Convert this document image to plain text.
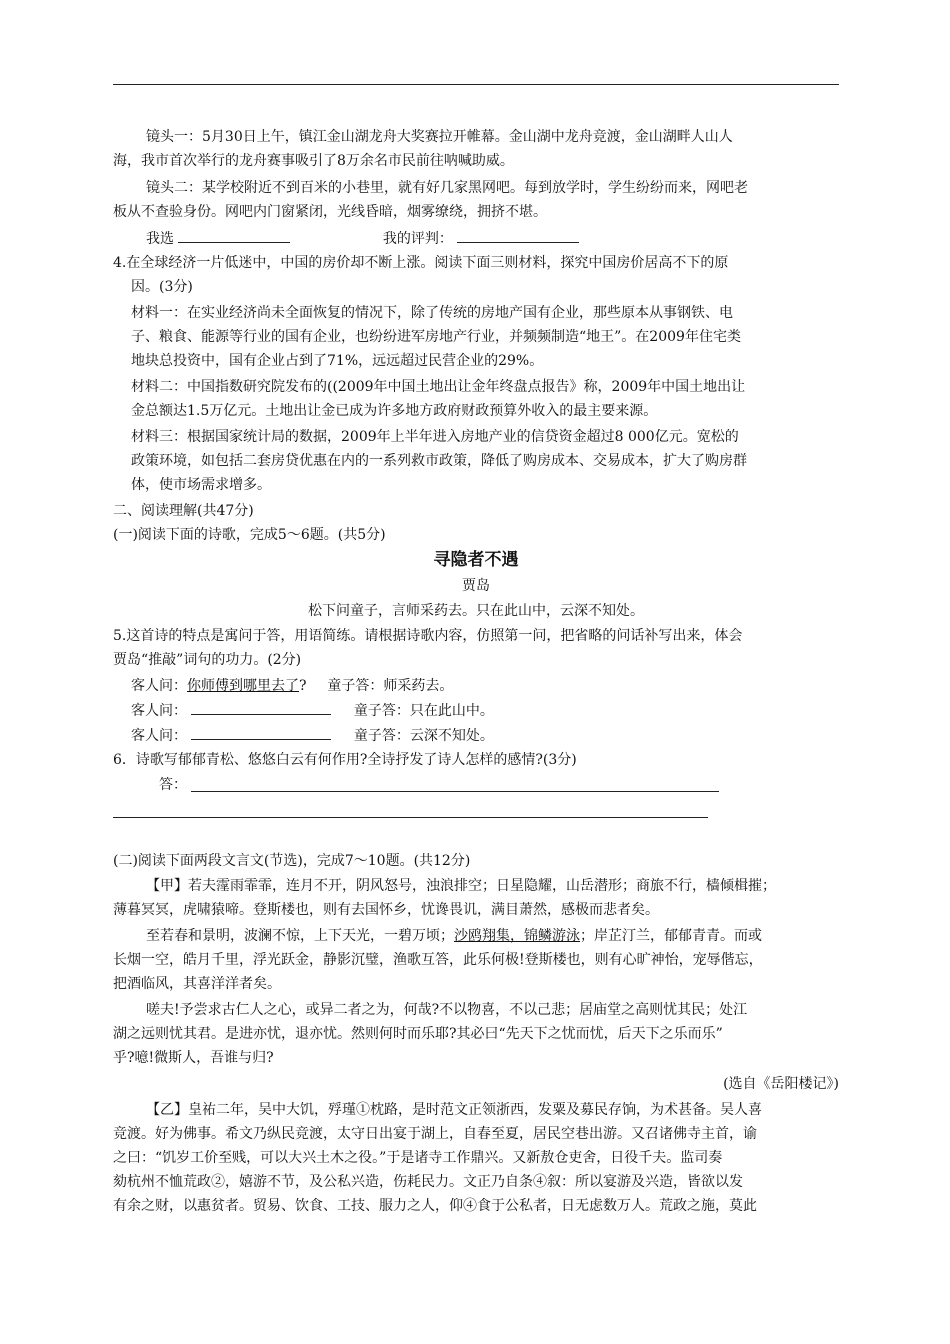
镜头一：5月30日上午，镇江金山湖龙舟大奖赛拉开帷幕。金山湖中龙舟竞渡，金山湖畔人山人
海，我市首次举行的龙舟赛事吸引了8万余名市民前往呐喊助威。
镜头二：某学校附近不到百米的小巷里，就有好几家黑网吧。每到放学时，学生纷纷而来，网吧老
板从不查验身份。网吧内门窗紧闭，光线昏暗，烟雾缭绕，拥挤不堪。
我选	我的评判：
4.在全球经济一片低迷中，中国的房价却不断上涨。阅读下面三则材料，探究中国房价居高不下的原
因。(3分)
材料一：在实业经济尚未全面恢复的情况下，除了传统的房地产国有企业，那些原本从事钢铁、电
子、粮食、能源等行业的国有企业，也纷纷进军房地产行业，并频频制造“地王”。在2009年住宅类
地块总投资中，国有企业占到了71%，远远超过民营企业的29%。
材料二：中国指数研究院发布的((2009年中国土地出让金年终盘点报告》称，2009年中国土地出让
金总额达1.5万亿元。土地出让金已成为许多地方政府财政预算外收入的最主要来源。
材料三：根据国家统计局的数据，2009年上半年进入房地产业的信贷资金超过8 000亿元。宽松的
政策环境，如包括二套房贷优惠在内的一系列救市政策，降低了购房成本、交易成本，扩大了购房群
体，使市场需求增多。
二、阅读理解(共47分)
(一)阅读下面的诗歌，完成5～6题。(共5分)
寻隐者不遇
贾岛
松下问童子，言师采药去。只在此山中，云深不知处。
5.这首诗的特点是寓问于答，用语简练。请根据诗歌内容，仿照第一问，把省略的问话补写出来，体会
贾岛“推敲”词句的功力。(2分)
客人问：你师傅到哪里去了? 童子答：师采药去。
客人问：	童子答：只在此山中。
客人问：	童子答：云深不知处。
6．诗歌写郁郁青松、悠悠白云有何作用?全诗抒发了诗人怎样的感情?(3分)
答：
(二)阅读下面两段文言文(节选)，完成7～10题。(共12分)
【甲】若夫霪雨霏霏，连月不开，阴风怒号，浊浪排空；日星隐耀，山岳潜形；商旅不行，樯倾楫摧；
薄暮冥冥，虎啸猿啼。登斯楼也，则有去国怀乡，忧谗畏讥，满目萧然，感极而悲者矣。
至若春和景明，波澜不惊，上下天光，一碧万顷；沙鸥翔集，锦鳞游泳；岸芷汀兰，郁郁青青。而或
长烟一空，皓月千里，浮光跃金，静影沉璧，渔歌互答，此乐何极!登斯楼也，则有心旷神怡，宠辱偕忘，
把酒临风，其喜洋洋者矣。
嗟夫!予尝求古仁人之心，或异二者之为，何哉?不以物喜，不以己悲；居庙堂之高则忧其民；处江
湖之远则忧其君。是进亦忧，退亦忧。然则何时而乐耶?其必曰“先天下之忧而忧，后天下之乐而乐”
乎?噫!微斯人，吾谁与归?
(选自《岳阳楼记》)
【乙】皇祐二年，吴中大饥，殍瑾①枕路，是时范文正领浙西，发粟及募民存饷，为术甚备。吴人喜
竞渡。好为佛事。希文乃纵民竞渡，太守日出宴于湖上，自春至夏，居民空巷出游。又召诸佛寺主首，谕
之曰：“饥岁工价至贱，可以大兴土木之役。”于是诸寺工作鼎兴。又新敖仓吏舍，日役千夫。监司奏
劾杭州不恤荒政②，嬉游不节，及公私兴造，伤耗民力。文正乃自条④叙：所以宴游及兴造，皆欲以发
有余之财，以惠贫者。贸易、饮食、工技、服力之人，仰④食于公私者，日无虑数万人。荒政之施，莫此
